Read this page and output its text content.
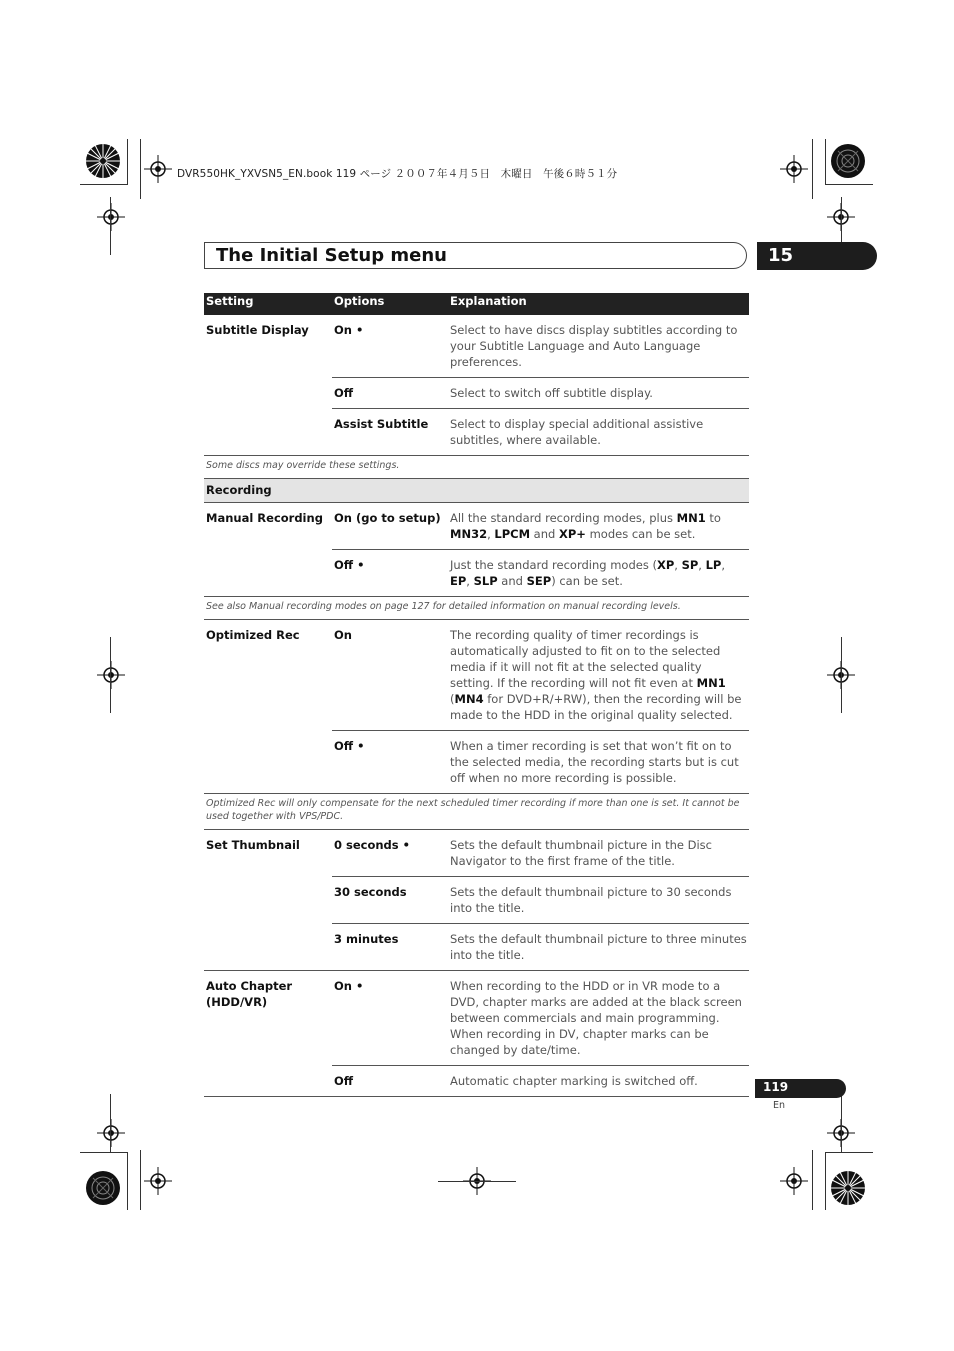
DVR550HK_YXVSN5_EN.book 119 ページ ２００７年４月５日　木曜日　午後６時５１分
The Initial Setup menu	15
Setting	Options	Explanation
Subtitle Display	On •	Select to have discs display subtitles according to your Subtitle Language and Auto Language preferences.
	Off	Select to switch off subtitle display.
	Assist Subtitle	Select to display special additional assistive subtitles, where available.
Some discs may override these settings.		
Recording		
Manual Recording	On (go to setup)	All the standard recording modes, plus MN1 to MN32, LPCM and XP+ modes can be set.
	Off •	Just the standard recording modes (XP, SP, LP, EP, SLP and SEP) can be set.
See also Manual recording modes on page 127 for detailed information on manual recording levels.		
Optimized Rec	On	The recording quality of timer recordings is automatically adjusted to fit on to the selected media if it will not fit at the selected quality setting. If the recording will not fit even at MN1 (MN4 for DVD+R/+RW), then the recording will be made to the HDD in the original quality selected.
	Off •	When a timer recording is set that won’t fit on to the selected media, the recording starts but is cut off when no more recording is possible.
Optimized Rec will only compensate for the next scheduled timer recording if more than one is set. It cannot be used together with VPS/PDC.		
Set Thumbnail	0 seconds •	Sets the default thumbnail picture in the Disc Navigator to the first frame of the title.
	30 seconds	Sets the default thumbnail picture to 30 seconds into the title.
	3 minutes	Sets the default thumbnail picture to three minutes into the title.
Auto Chapter
(HDD/VR)	On •	When recording to the HDD or in VR mode to a DVD, chapter marks are added at the black screen between commercials and main programming. When recording in DV, chapter marks can be changed by date/time.
	Off	Automatic chapter marking is switched off.	119
En
